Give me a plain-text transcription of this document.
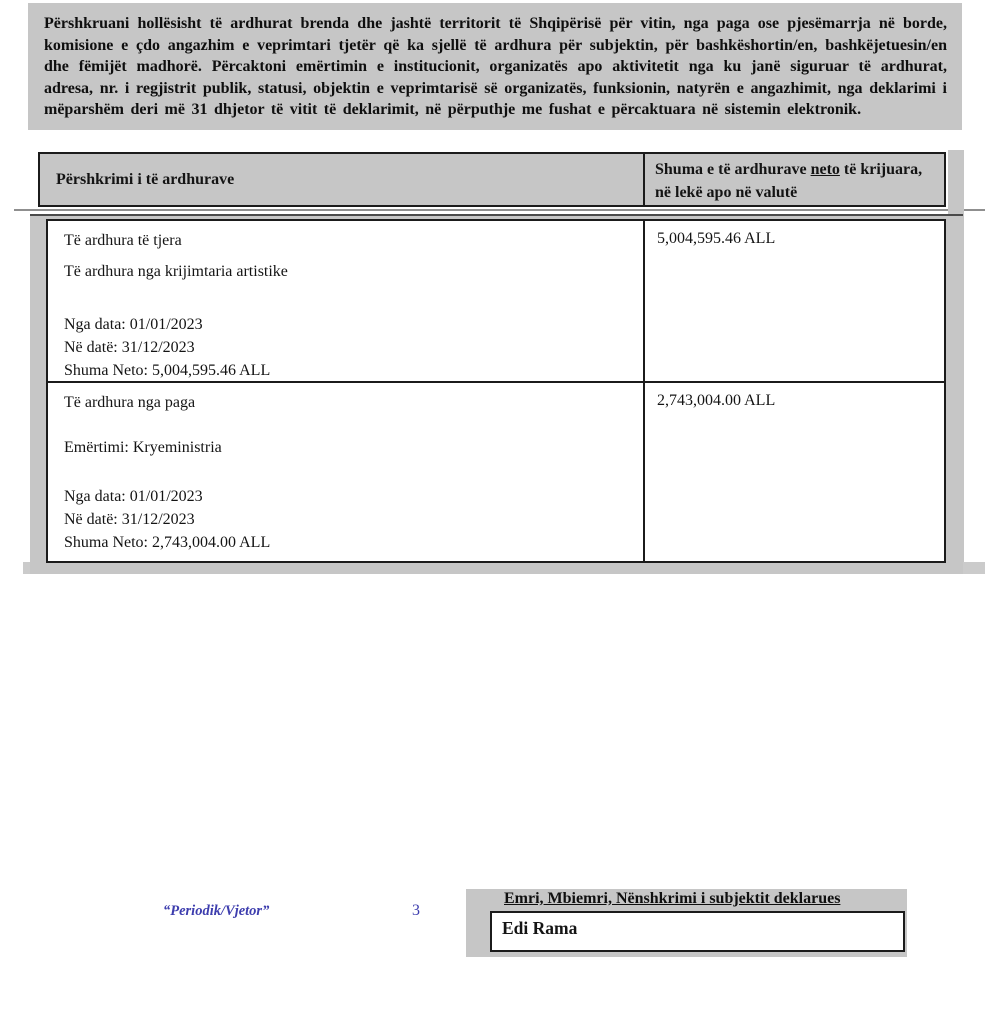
Përshkruani hollësisht të ardhurat brenda dhe jashtë territorit të Shqipërisë për vitin, nga paga ose pjesëmarrja në borde, komisione e çdo angazhim e veprimtari tjetër që ka sjellë të ardhura për subjektin, për bashkëshortin/en, bashkëjetuesin/en dhe fëmijët madhorë. Përcaktoni emërtimin e institucionit, organizatës apo aktivitetit nga ku janë siguruar të ardhurat, adresa, nr. i regjistrit publik, statusi, objektin e veprimtarisë së organizatës, funksionin, natyrën e angazhimit, nga deklarimi i mëparshëm deri më 31 dhjetor të vitit të deklarimit, në përputhje me fushat e përcaktuara në sistemin elektronik.
Përshkrimi i të ardhurave
Shuma e të ardhurave neto të krijuara, në lekë apo në valutë
Të ardhura të tjera
Të ardhura nga krijimtaria artistike
Nga data: 01/01/2023
Në datë: 31/12/2023
Shuma Neto: 5,004,595.46 ALL
5,004,595.46 ALL
Të ardhura nga paga
Emërtimi: Kryeministria
Nga data: 01/01/2023
Në datë: 31/12/2023
Shuma Neto: 2,743,004.00 ALL
2,743,004.00 ALL
“Periodik/Vjetor”	3
Emri, Mbiemri, Nënshkrimi i subjektit deklarues
Edi Rama
